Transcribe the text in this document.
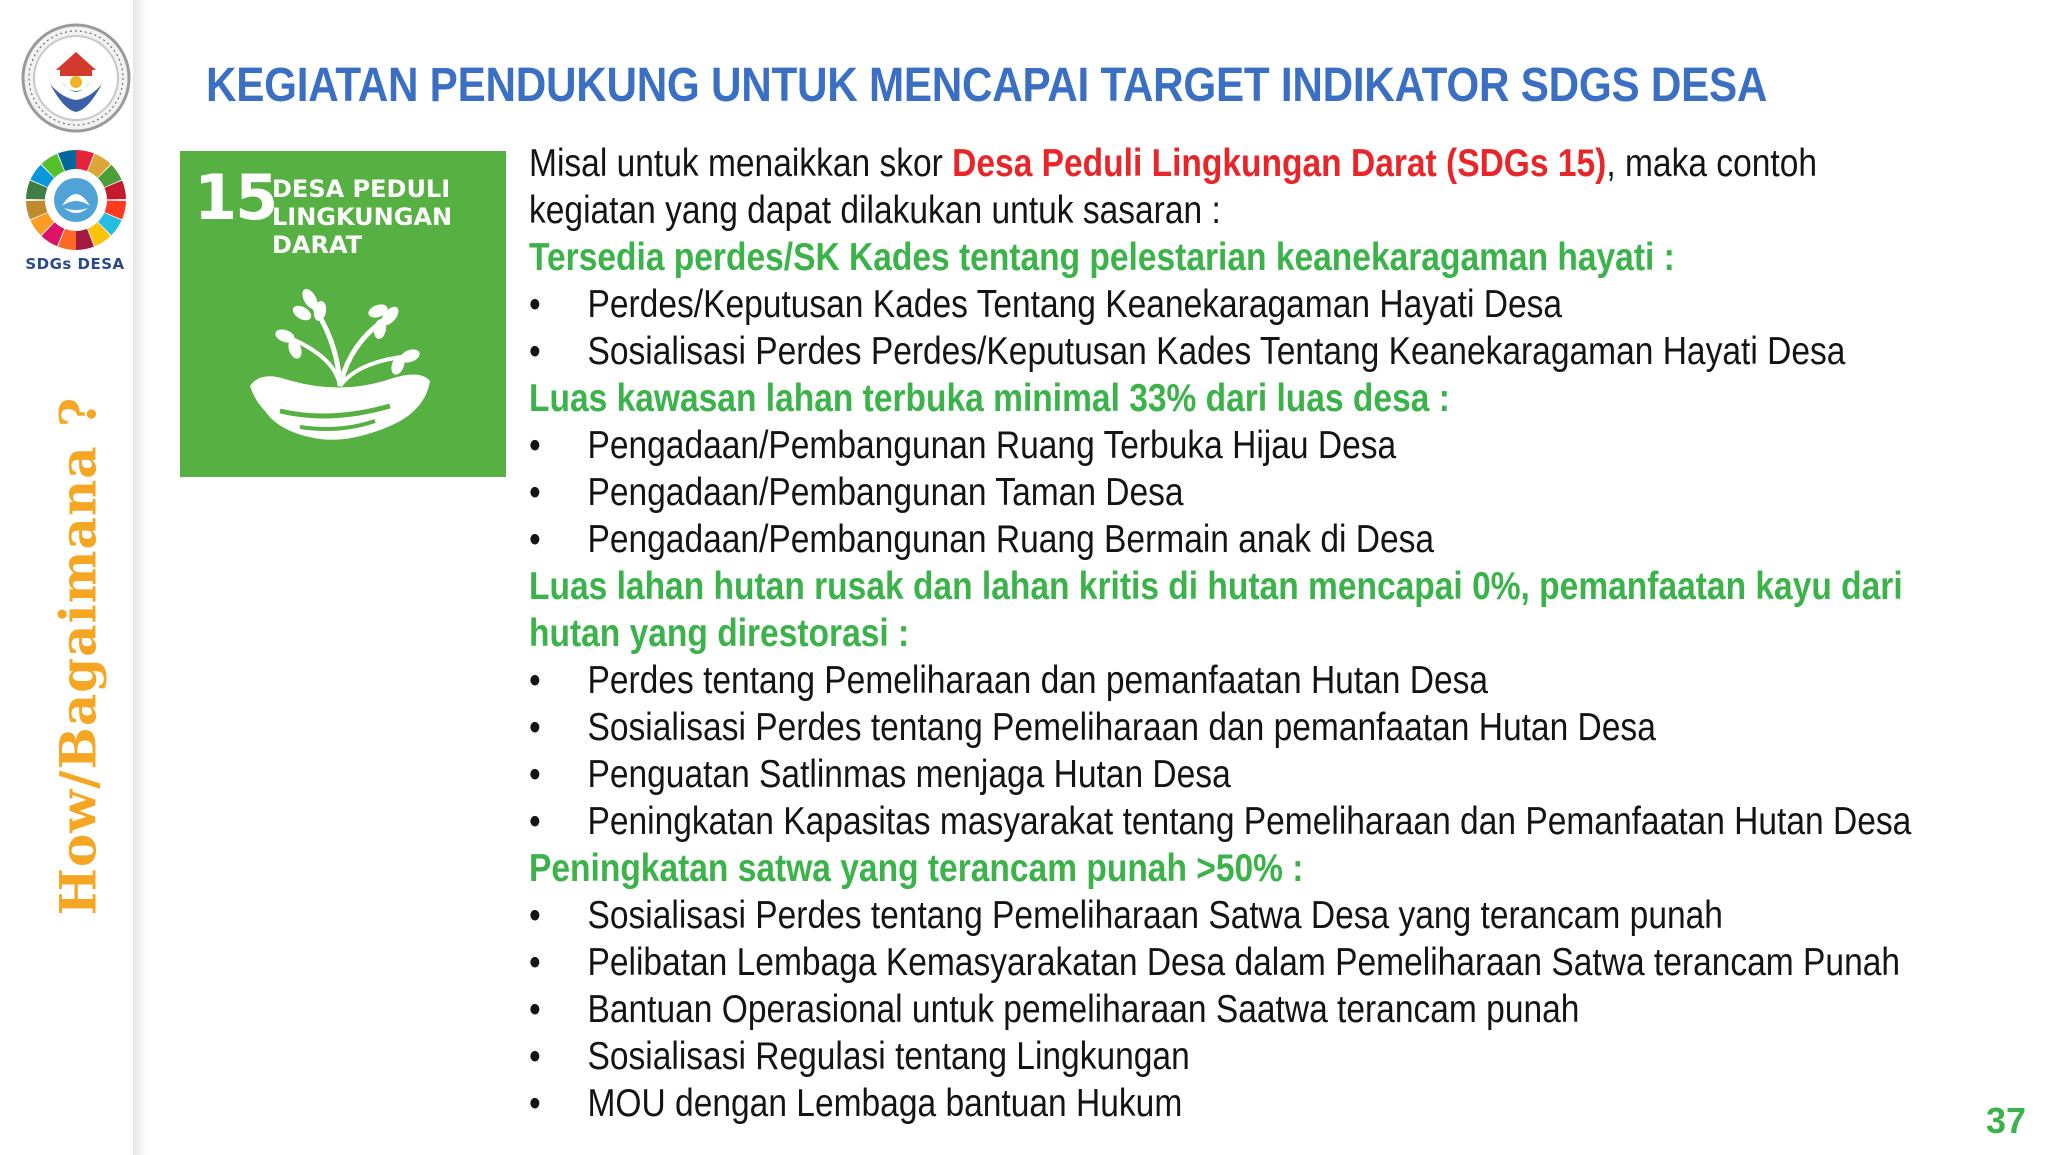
SDGs DESA
How/Bagaimana ?
KEGIATAN PENDUKUNG UNTUK MENCAPAI TARGET INDIKATOR SDGS DESA
15
DESA PEDULI
LINGKUNGAN
DARAT

Misal untuk menaikkan skor Desa Peduli Lingkungan Darat (SDGs 15), maka contoh

kegiatan yang dapat dilakukan untuk sasaran :

Tersedia perdes/SK Kades tentang pelestarian keanekaragaman hayati :
• Perdes/Keputusan Kades Tentang Keanekaragaman Hayati Desa
• Sosialisasi Perdes Perdes/Keputusan Kades Tentang Keanekaragaman Hayati Desa
Luas kawasan lahan terbuka minimal 33% dari luas desa :
• Pengadaan/Pembangunan Ruang Terbuka Hijau Desa
• Pengadaan/Pembangunan Taman Desa
• Pengadaan/Pembangunan Ruang Bermain anak di Desa
Luas lahan hutan rusak dan lahan kritis di hutan mencapai 0%, pemanfaatan kayu dari
hutan yang direstorasi :
• Perdes tentang Pemeliharaan dan pemanfaatan Hutan Desa
• Sosialisasi Perdes tentang Pemeliharaan dan pemanfaatan Hutan Desa
• Penguatan Satlinmas menjaga Hutan Desa
• Peningkatan Kapasitas masyarakat tentang Pemeliharaan dan Pemanfaatan Hutan Desa
Peningkatan satwa yang terancam punah >50% :
• Sosialisasi Perdes tentang Pemeliharaan Satwa Desa yang terancam punah
• Pelibatan Lembaga Kemasyarakatan Desa dalam Pemeliharaan Satwa terancam Punah
• Bantuan Operasional untuk pemeliharaan Saatwa terancam punah
• Sosialisasi Regulasi tentang Lingkungan
• MOU dengan Lembaga bantuan Hukum	37
